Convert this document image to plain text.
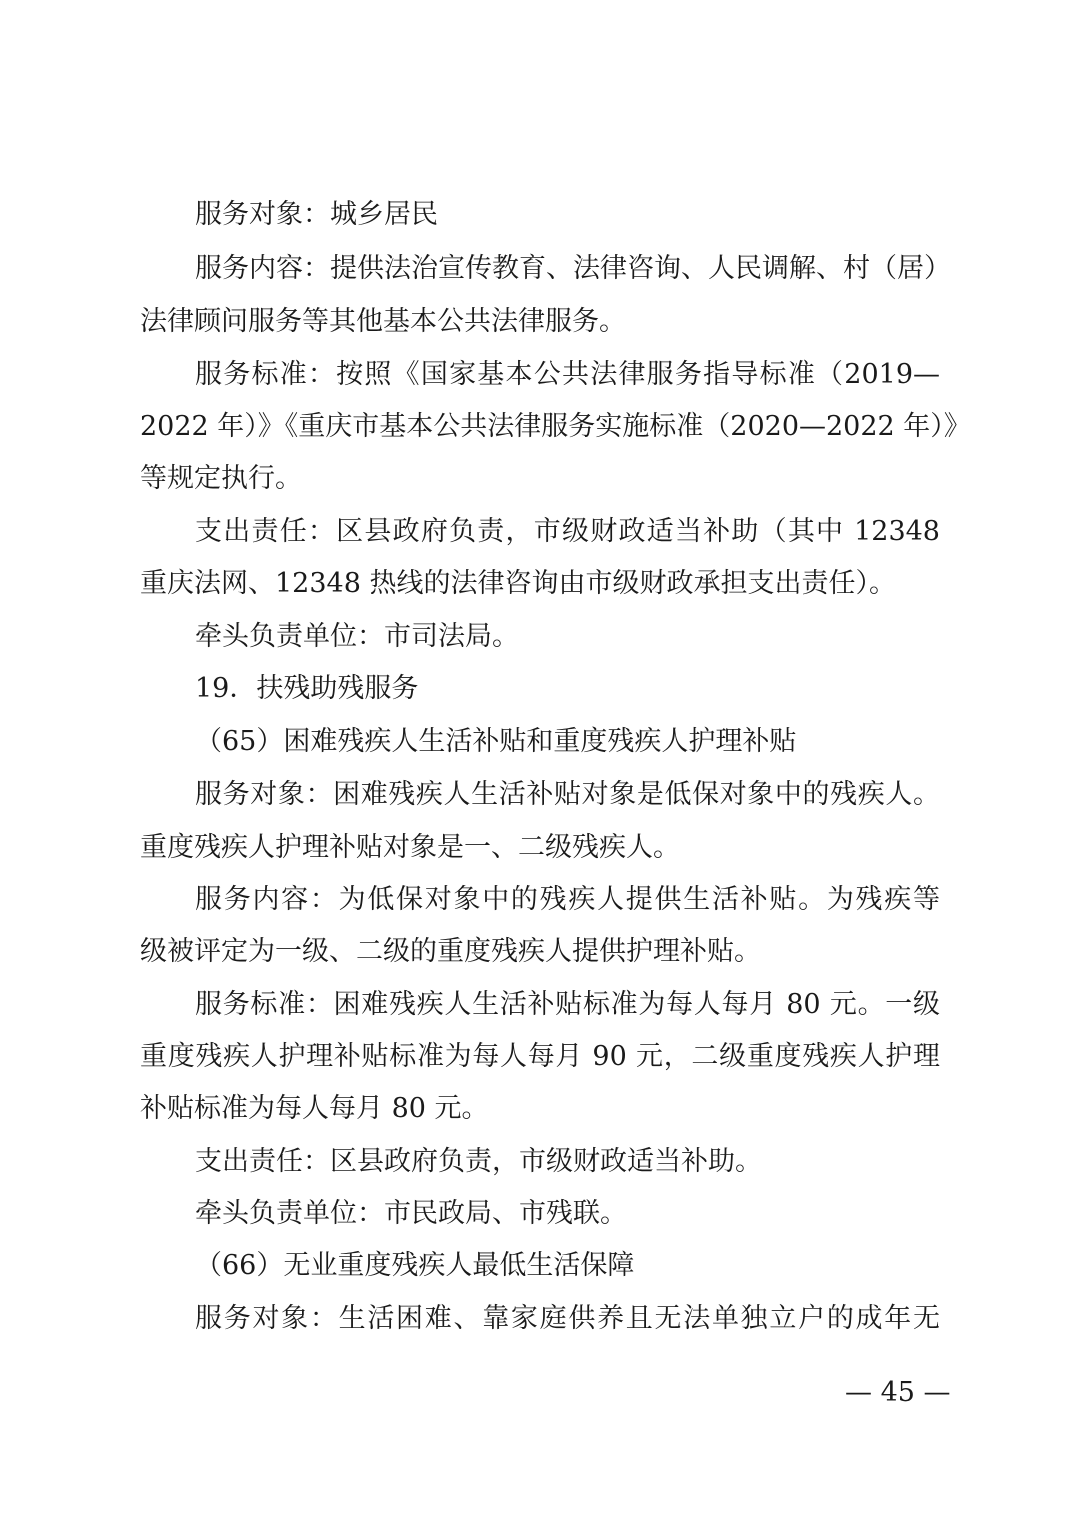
服务对象：城乡居民
服务内容：提供法治宣传教育、法律咨询、人民调解、村（居）
法律顾问服务等其他基本公共法律服务。
服务标准：按照《国家基本公共法律服务指导标准（2019—
2022 年）》《重庆市基本公共法律服务实施标准（2020—2022 年）》
等规定执行。
支出责任：区县政府负责，市级财政适当补助（其中 12348
重庆法网、12348 热线的法律咨询由市级财政承担支出责任）。
牵头负责单位：市司法局。
19．扶残助残服务
（65）困难残疾人生活补贴和重度残疾人护理补贴
服务对象：困难残疾人生活补贴对象是低保对象中的残疾人。
重度残疾人护理补贴对象是一、二级残疾人。
服务内容：为低保对象中的残疾人提供生活补贴。为残疾等
级被评定为一级、二级的重度残疾人提供护理补贴。
服务标准：困难残疾人生活补贴标准为每人每月 80 元。一级
重度残疾人护理补贴标准为每人每月 90 元，二级重度残疾人护理
补贴标准为每人每月 80 元。
支出责任：区县政府负责，市级财政适当补助。
牵头负责单位：市民政局、市残联。
（66）无业重度残疾人最低生活保障
服务对象：生活困难、靠家庭供养且无法单独立户的成年无
— 45 —
